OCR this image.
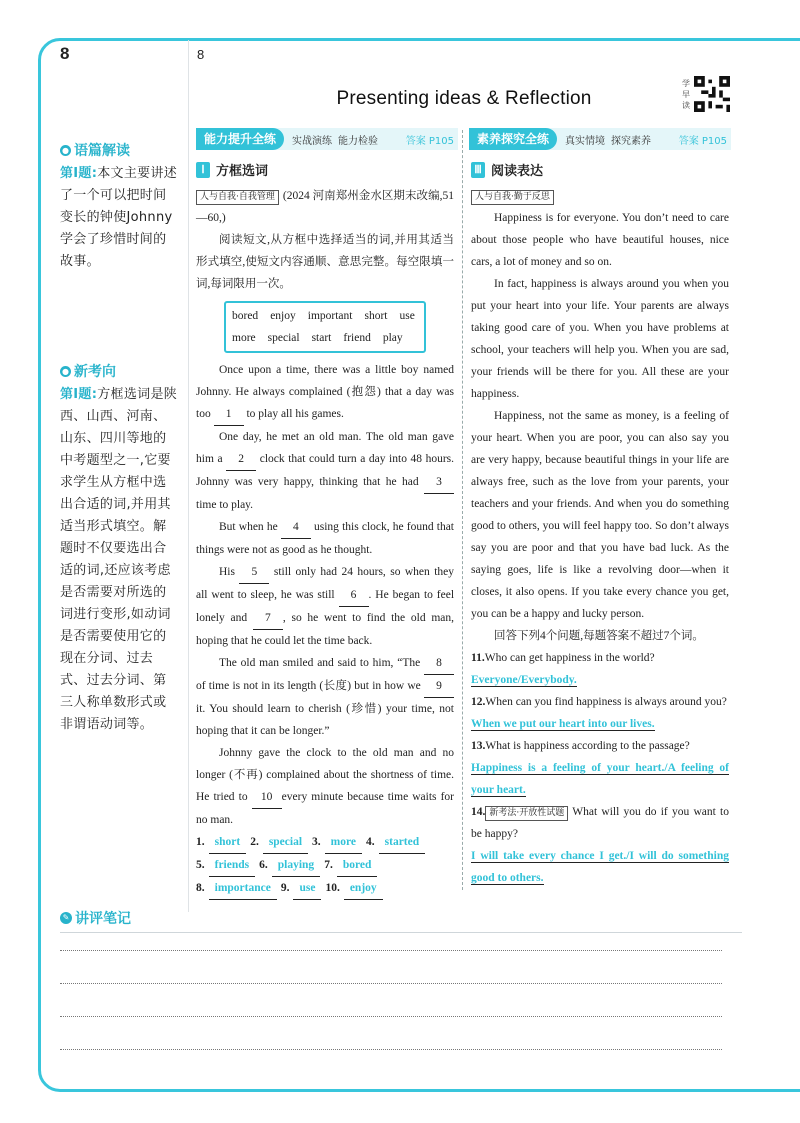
8	8
Presenting ideas & Reflection
学 早 读
● 语篇解读
第Ⅰ题:本文主要讲述了一个可以把时间变长的钟使Johnny学会了珍惜时间的故事。
● 新考向
第Ⅰ题:方框选词是陕西、山西、河南、山东、四川等地的中考题型之一,它要求学生从方框中选出合适的词,并用其适当形式填空。解题时不仅要选出合适的词,还应该考虑是否需要对所选的词进行变形,如动词是否需要使用它的现在分词、过去式、过去分词、第三人称单数形式或非谓语动词等。
能力提升全练	实战演练 能力检验	答案 P105	素养探究全练	真实情境 探究素养	答案 P105
Ⅰ 方框选词

人与自我·自我管理 (2024 河南郑州金水区期末改编,51—60,)

阅读短文,从方框中选择适当的词,并用其适当形式填空,使短文内容通顺、意思完整。每空限填一词,每词限用一次。

bored enjoy important short use
more special start friend play

Once upon a time, there was a little boy named Johnny. He always complained (抱怨) that a day was too 1 to play all his games.

One day, he met an old man. The old man gave him a 2 clock that could turn a day into 48 hours. Johnny was very happy, thinking that he had 3 time to play.

But when he 4 using this clock, he found that things were not as good as he thought.

His 5 still only had 24 hours, so when they all went to sleep, he was still 6 . He began to feel lonely and 7 , so he went to find the old man, hoping that he could let the time back.

The old man smiled and said to him, “The 8 of time is not in its length (长度) but in how we 9 it. You should learn to cherish (珍惜) your time, not hoping that it can be longer.”

Johnny gave the clock to the old man and no longer (不再) complained about the shortness of time. He tried to 10 every minute because time waits for no man.

1. short 2. special 3. more 4. started
5. friends 6. playing 7. bored
8. importance 9. use 10. enjoy
Ⅲ 阅读表达

人与自我·勤于反思

Happiness is for everyone. You don’t need to care about those people who have beautiful houses, nice cars, a lot of money and so on.

In fact, happiness is always around you when you put your heart into your life. Your parents are always taking good care of you. When you have problems at school, your teachers will help you. When you are sad, your friends will be there for you. All these are your happiness.

Happiness, not the same as money, is a feeling of your heart. When you are poor, you can also say you are very happy, because beautiful things in your life are always free, such as the love from your parents, your teachers and your friends. And when you do something good to others, you will feel happy too. So don’t always say you are poor and that you have bad luck. As the saying goes, life is like a revolving door—when it closes, it also opens. If you take every chance you get, you can be a happy and lucky person.

回答下列4个问题,每题答案不超过7个词。

11.Who can get happiness in the world?

Everyone/Everybody.

12.When can you find happiness is always around you?

When we put our heart into our lives.

13.What is happiness according to the passage?

Happiness is a feeling of your heart./A feeling of your heart.

14. 新考法·开放性试题 What will you do if you want to be happy?

I will take every chance I get./I will do something good to others.

✎ 讲评笔记
